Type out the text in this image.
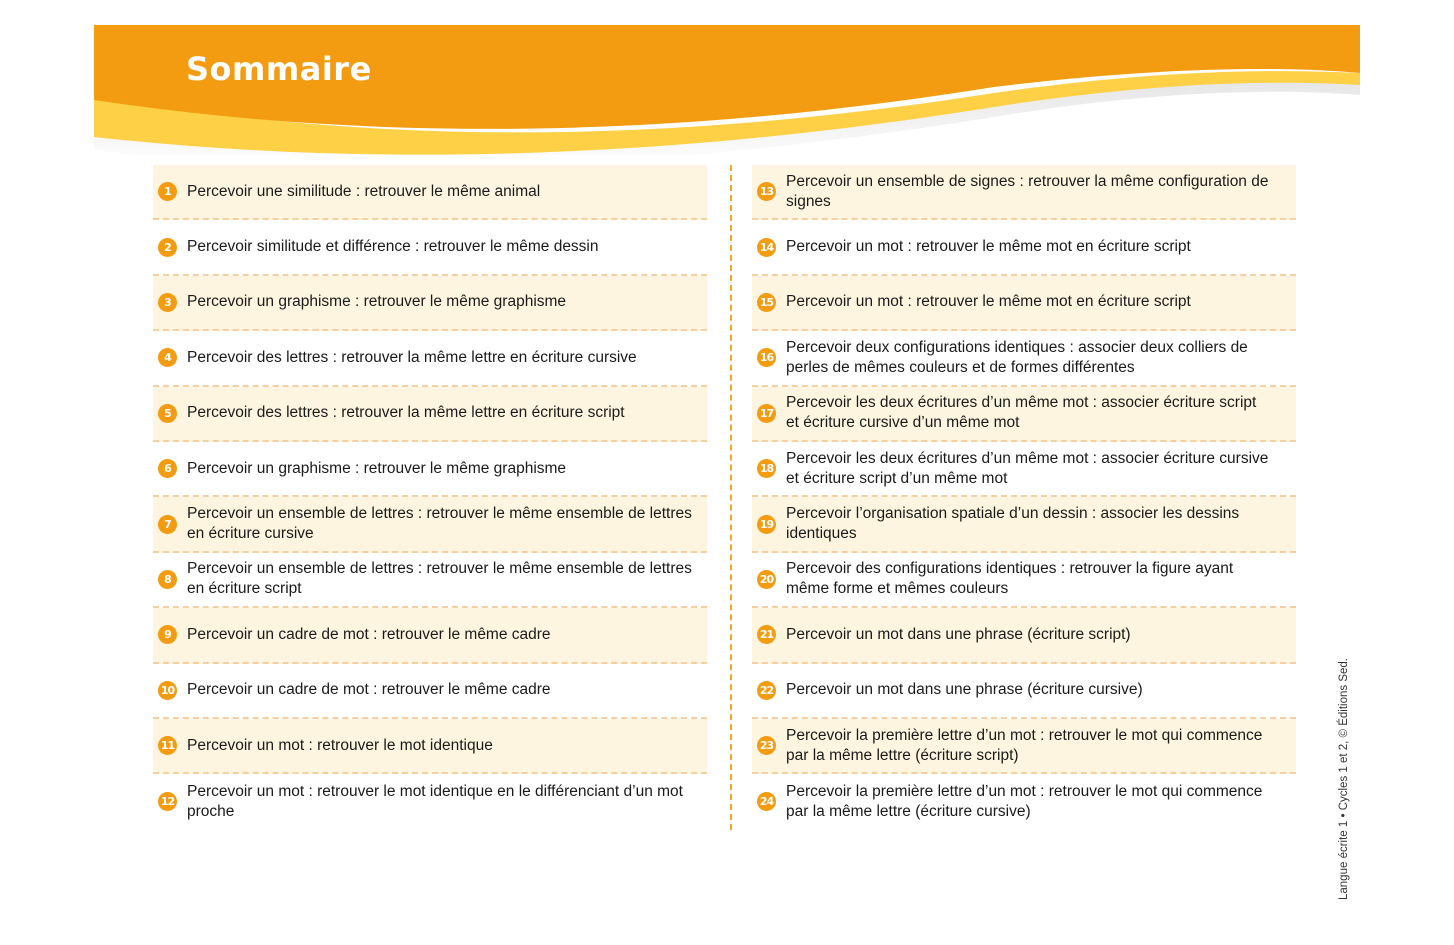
Sommaire
1	Percevoir une similitude : retrouver le même animal
2	Percevoir similitude et différence : retrouver le même dessin
3	Percevoir un graphisme : retrouver le même graphisme
4	Percevoir des lettres : retrouver la même lettre en écriture cursive
5	Percevoir des lettres : retrouver la même lettre en écriture script
6	Percevoir un graphisme : retrouver le même graphisme
7
Percevoir un ensemble de lettres : retrouver le même ensemble de lettres en écriture cursive
8
Percevoir un ensemble de lettres : retrouver le même ensemble de lettres en écriture script
9	Percevoir un cadre de mot : retrouver le même cadre
10 Percevoir un cadre de mot : retrouver le même cadre
11 Percevoir un mot : retrouver le mot identique
12
Percevoir un mot : retrouver le mot identique en le différenciant d’un mot proche
13
Percevoir un ensemble de signes : retrouver la même configuration de signes
14 Percevoir un mot : retrouver le même mot en écriture script
15 Percevoir un mot : retrouver le même mot en écriture script
16
Percevoir deux configurations identiques : associer deux colliers de perles de mêmes couleurs et de formes différentes
17
Percevoir les deux écritures d’un même mot : associer écriture script et écriture cursive d’un même mot
18
Percevoir les deux écritures d’un même mot : associer écriture cursive et écriture script d’un même mot
19
Percevoir l’organisation spatiale d’un dessin : associer les dessins identiques
20
Percevoir des configurations identiques : retrouver la figure ayant même forme et mêmes couleurs
21 Percevoir un mot dans une phrase (écriture script)
22 Percevoir un mot dans une phrase (écriture cursive)
23
Percevoir la première lettre d’un mot : retrouver le mot qui commence par la même lettre (écriture script)
24
Percevoir la première lettre d’un mot : retrouver le mot qui commence par la même lettre (écriture cursive)	Langue écrite 1 • Cycles 1 et 2, © Éditions Sed.
